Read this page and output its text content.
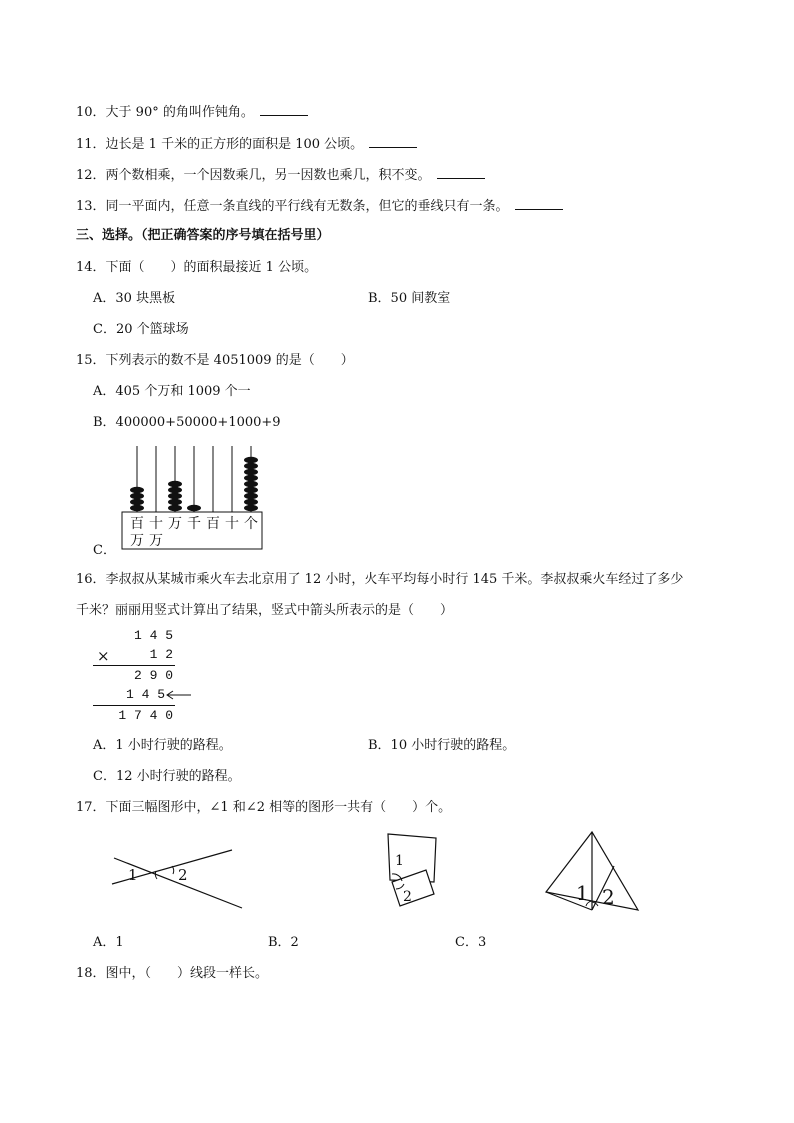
10．大于 90° 的角叫作钝角。
11．边长是 1 千米的正方形的面积是 100 公顷。
12．两个数相乘，一个因数乘几，另一因数也乘几，积不变。
13．同一平面内，任意一条直线的平行线有无数条，但它的垂线只有一条。
三、选择。（把正确答案的序号填在括号里）
14．下面（　　）的面积最接近 1 公顷。
A．30 块黑板	B．50 间教室
C．20 个篮球场
15．下列表示的数不是 4051009 的是（　　）
A．405 个万和 1009 个一
B．400000+50000+1000+9
C．
百 十 万 千 百 十 个
万 万
16．李叔叔从某城市乘火车去北京用了 12 小时，火车平均每小时行 145 千米。李叔叔乘火车经过了多少
千米？丽丽用竖式计算出了结果，竖式中箭头所表示的是（　　）
1 4 5
×	1 2
2 9 0
1 4 5
1 7 4 0
A．1 小时行驶的路程。	B．10 小时行驶的路程。
C．12 小时行驶的路程。
17．下面三幅图形中，∠1 和∠2 相等的图形一共有（　　）个。
1	2
1
2	1 2
A．1	B．2	C．3
18．图中，（　　）线段一样长。
